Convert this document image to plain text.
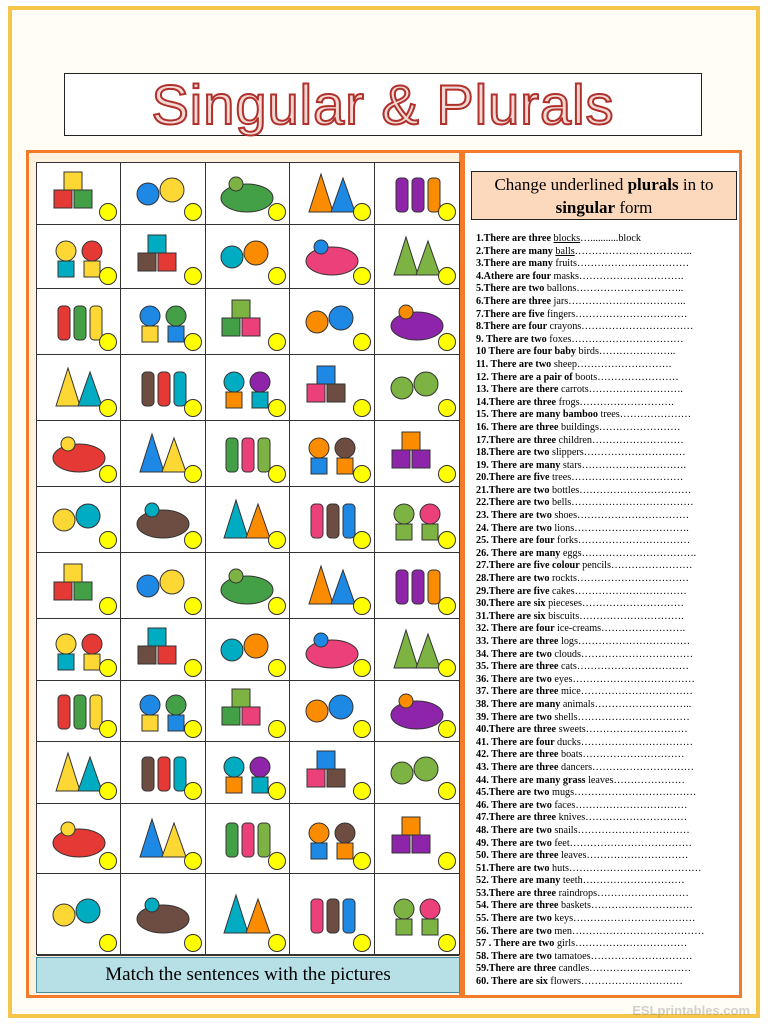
Singular & Plurals
Match the sentences with the pictures
Change underlined plurals in to singular form
1.There are three blocks…...........block
2.There are many balls……………………………..
3.There are many fruits……………………………
4.Athere are four masks………………………….
5.There are two ballons…………………………..
6.There are three jars……………………………..
7.There are five fingers……………………………
8.There are four crayons……………………………
9. There are two foxes……………………………
10 There are four baby birds…………………..
11. There are two sheep……………………….
12. There are a pair of boots……………………
13. There are there carrots……………………….
14.There are three frogs……………………….
15. There are many bamboo trees…………………
16. There are three buildings……………………
17.There are three children………………………
18.There are two slippers…………………………
19. There are many stars………………………….
20.There are five trees……………………………
21.There are two bottles……………………………
22.There are two bells………………………………
23. There are two shoes……………………………
24. There are two lions…………………………….
25. There are four forks……………………………
26. There are many eggs…………………………….
27.There are five colour pencils……………………
28.There are two rockts……………………………
29.There are five cakes……………………………
30.There are six pieceses…………………………
31.There are six biscuits………………………….
32. There are four ice-creams…………………….
33. There are three logs……………………………
34. There are two clouds……………………………
35. There are three cats……………………………
36. There are two eyes………………………………
37. There are three mice……………………………
38. There are many animals………………………..
39. There are two shells……………………………
40.There are three sweets…………………………
41. There are four ducks……………………………
42. There are three boats…………………………
43. There are three dancers…………………………
44. There are many grass leaves…………………
45.There are two mugs………………………………
46. There are two faces……………………………
47.There are three knives…………………………
48. There are two snails……………………………
49. There are two feet………………………………
50. There are three leaves…………………………
51.There are two huts…………………………………
52. There are many teeth…………………………
53.There are three raindrops………………………
54. There are three baskets…………………………
55. There are two keys………………………………
56. There are two men…………………………………
57 . There are two girls……………………………
58. There are two tamatoes…………………………
59.There are three candles…………………………
60. There are six flowers…………………………
ESLprintables.com
